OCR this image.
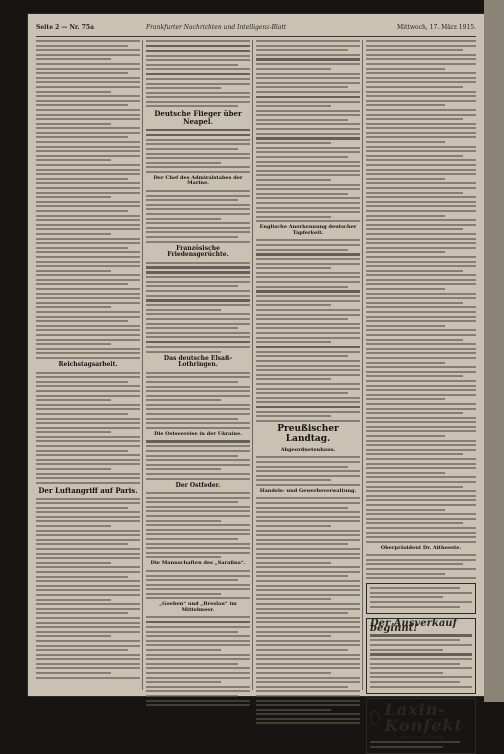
Seite 2 — Nr. 75a	Frankfurter Nachrichten und Intelligenz-Blatt	Mittwoch, 17. März 1915.
Reichstagsarbeit.
Der Luftangriff auf Paris.
Deutsche Flieger über Neapel.
Der Chef des Admiralstabes der Marine.
Französische Friedensgerüchte.
Das deutsche Elsaß-Lothringen.
Die Ostseereise in der Ukraine.
Der Ostfeder.
Die Mannschaften des „Sarafina“.
„Goeben“ und „Breslau“ im Mittelmeer.
Englische Anerkennung deutscher Tapferkeit.
Preußischer Landtag.
Abgeordnetenhaus.
Handels- und Gewerbeverwaltung.
Oberpräsident Dr. Althoeste.
Der Ausverkauf beginnt!
Laxin-Konfekt
regelt den Stuhlgang
